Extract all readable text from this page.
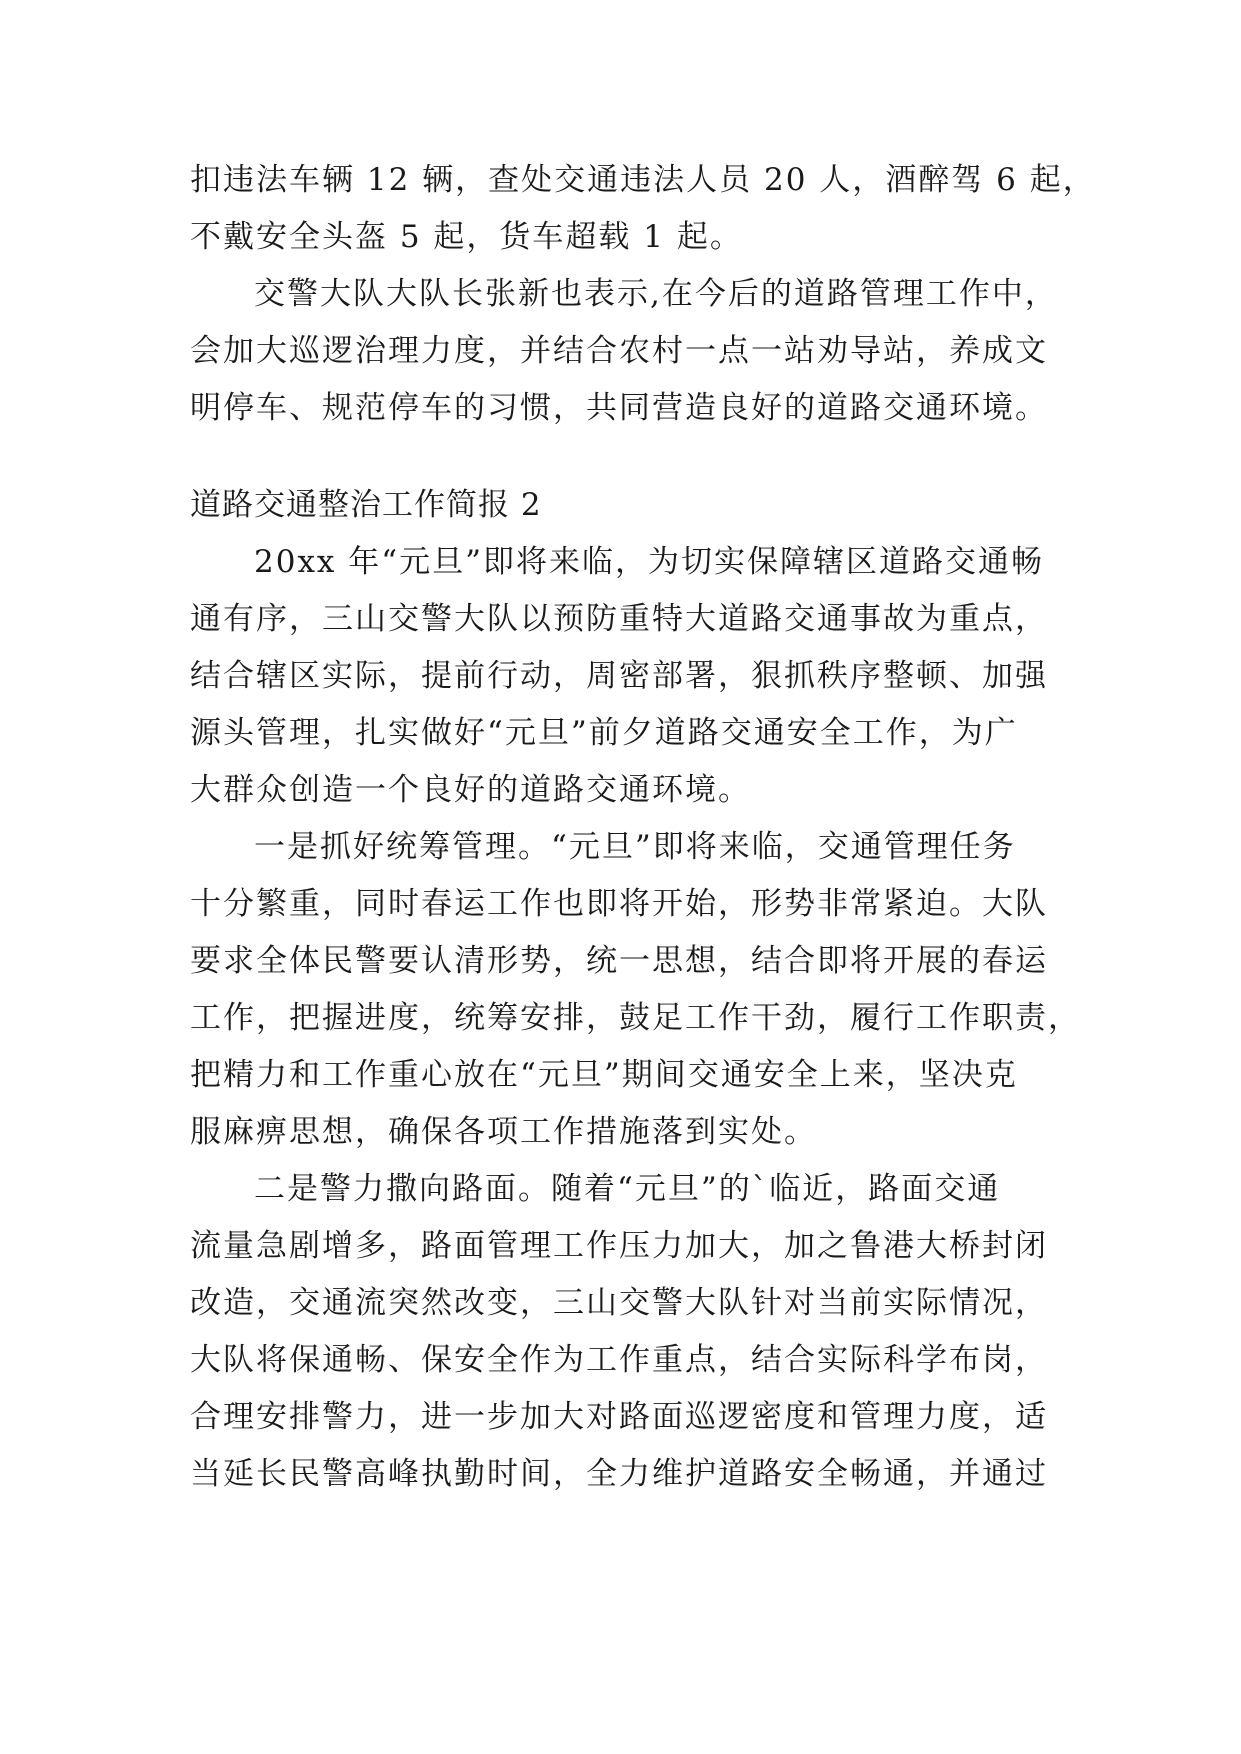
扣违法车辆 12 辆，查处交通违法人员 20 人，酒醉驾 6 起，
不戴安全头盔 5 起，货车超载 1 起。
交警大队大队长张新也表示,在今后的道路管理工作中，
会加大巡逻治理力度，并结合农村一点一站劝导站，养成文
明停车、规范停车的习惯，共同营造良好的道路交通环境。
道路交通整治工作简报 2
20xx 年“元旦”即将来临，为切实保障辖区道路交通畅
通有序，三山交警大队以预防重特大道路交通事故为重点，
结合辖区实际，提前行动，周密部署，狠抓秩序整顿、加强
源头管理，扎实做好“元旦”前夕道路交通安全工作，为广
大群众创造一个良好的道路交通环境。
一是抓好统筹管理。“元旦”即将来临，交通管理任务
十分繁重，同时春运工作也即将开始，形势非常紧迫。大队
要求全体民警要认清形势，统一思想，结合即将开展的春运
工作，把握进度，统筹安排，鼓足工作干劲，履行工作职责，
把精力和工作重心放在“元旦”期间交通安全上来，坚决克
服麻痹思想，确保各项工作措施落到实处。
二是警力撒向路面。随着“元旦”的`临近，路面交通
流量急剧增多，路面管理工作压力加大，加之鲁港大桥封闭
改造，交通流突然改变，三山交警大队针对当前实际情况，
大队将保通畅、保安全作为工作重点，结合实际科学布岗，
合理安排警力，进一步加大对路面巡逻密度和管理力度，适
当延长民警高峰执勤时间，全力维护道路安全畅通，并通过
